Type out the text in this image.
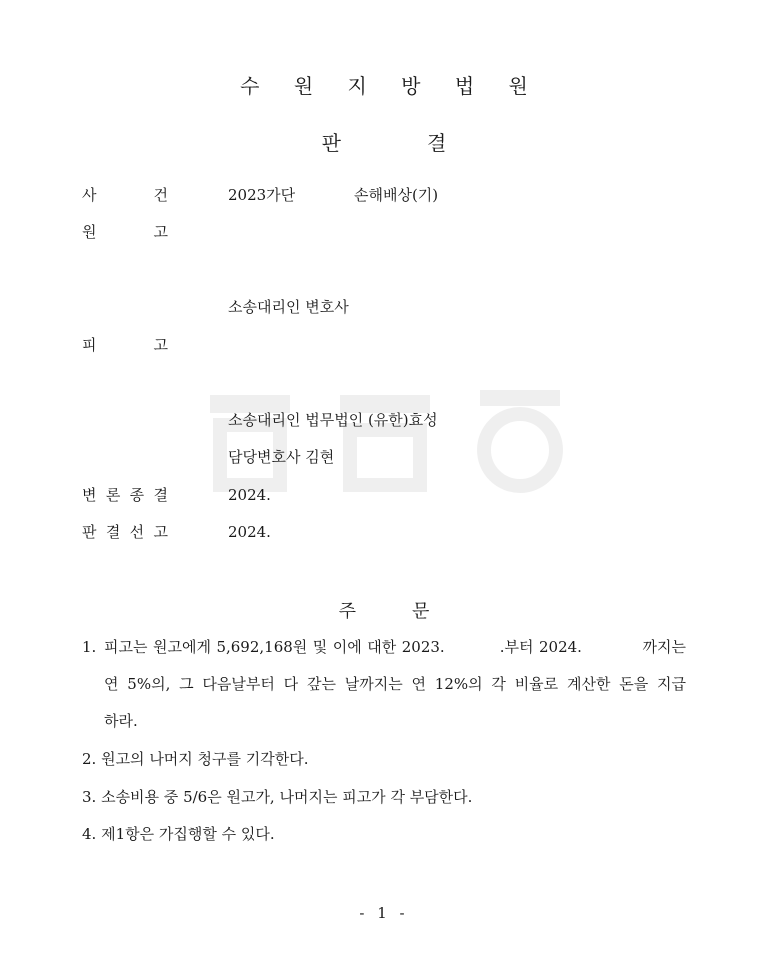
수 원 지 방 법 원
판	결
사	건	2023가단	손해배상(기)
원	고
소송대리인 변호사
피	고
소송대리인 법무법인 (유한)효성
담당변호사 김현
변 론 종 결	2024.
판 결 선 고	2024.
주	문
1. 피고는 원고에게 5,692,168원 및 이에 대한 2023.          .부터 2024.           까지는
연 5%의, 그 다음날부터 다 갚는 날까지는 연 12%의 각 비율로 계산한 돈을 지급
하라.
2. 원고의 나머지 청구를 기각한다.
3. 소송비용 중 5/6은 원고가, 나머지는 피고가 각 부담한다.
4. 제1항은 가집행할 수 있다.
- 1 -
